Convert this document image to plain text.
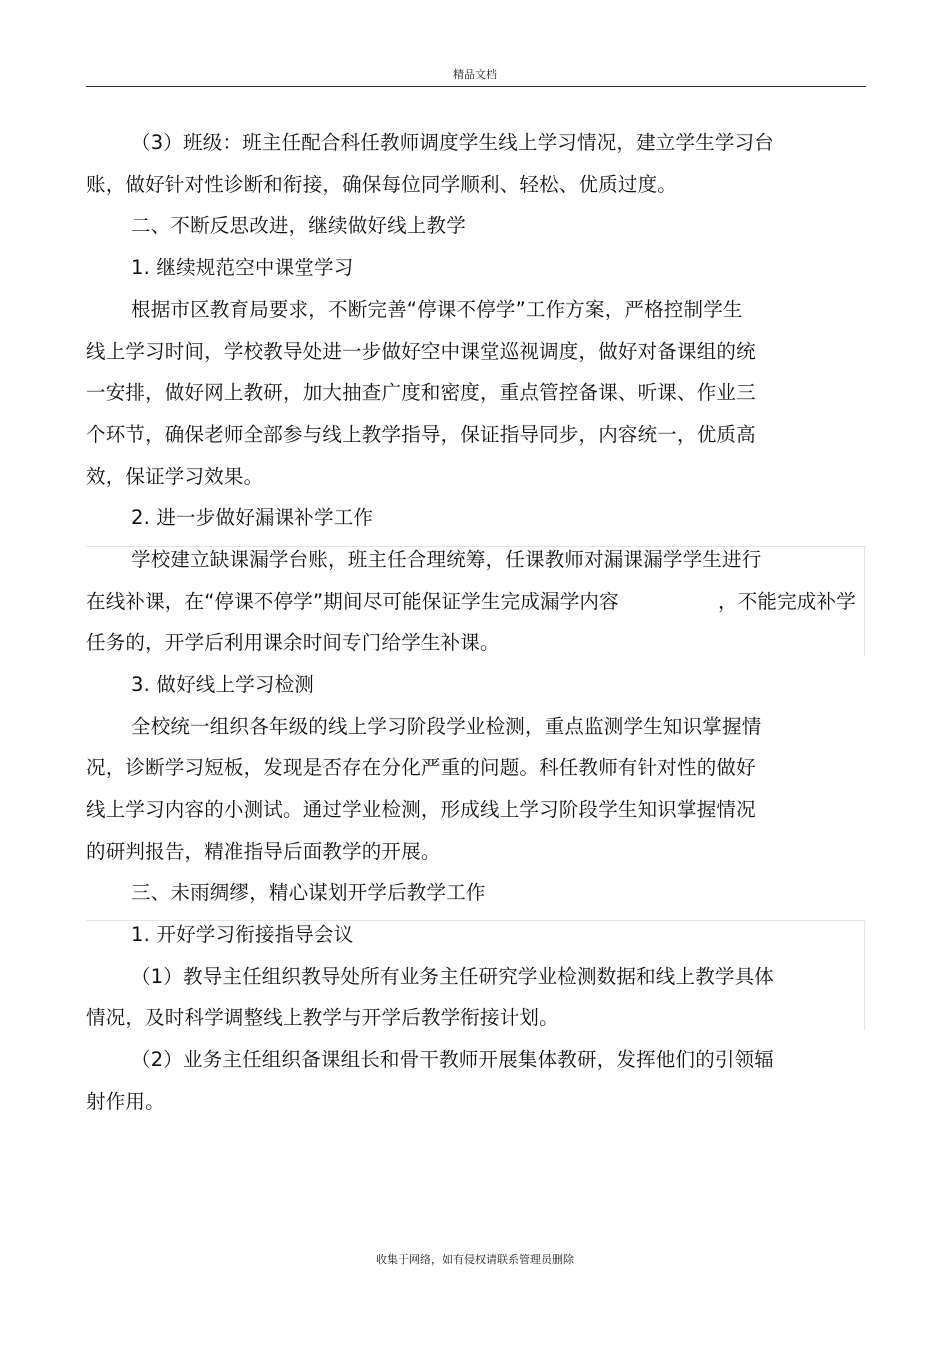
精品文档
（3）班级：班主任配合科任教师调度学生线上学习情况，建立学生学习台
账，做好针对性诊断和衔接，确保每位同学顺利、轻松、优质过度。
二、不断反思改进，继续做好线上教学
1. 继续规范空中课堂学习
根据市区教育局要求，不断完善“停课不停学”工作方案，严格控制学生
线上学习时间，学校教导处进一步做好空中课堂巡视调度，做好对备课组的统
一安排，做好网上教研，加大抽查广度和密度，重点管控备课、听课、作业三
个环节，确保老师全部参与线上教学指导，保证指导同步，内容统一，优质高
效，保证学习效果。
2. 进一步做好漏课补学工作
学校建立缺课漏学台账，班主任合理统筹，任课教师对漏课漏学学生进行
在线补课，在“停课不停学”期间尽可能保证学生完成漏学内容	，不能完成补学
任务的，开学后利用课余时间专门给学生补课。
3. 做好线上学习检测
全校统一组织各年级的线上学习阶段学业检测，重点监测学生知识掌握情
况，诊断学习短板，发现是否存在分化严重的问题。科任教师有针对性的做好
线上学习内容的小测试。通过学业检测，形成线上学习阶段学生知识掌握情况
的研判报告，精准指导后面教学的开展。
三、未雨绸缪，精心谋划开学后教学工作
1. 开好学习衔接指导会议
（1）教导主任组织教导处所有业务主任研究学业检测数据和线上教学具体
情况，及时科学调整线上教学与开学后教学衔接计划。
（2）业务主任组织备课组长和骨干教师开展集体教研，发挥他们的引领辐
射作用。
收集于网络，如有侵权请联系管理员删除
